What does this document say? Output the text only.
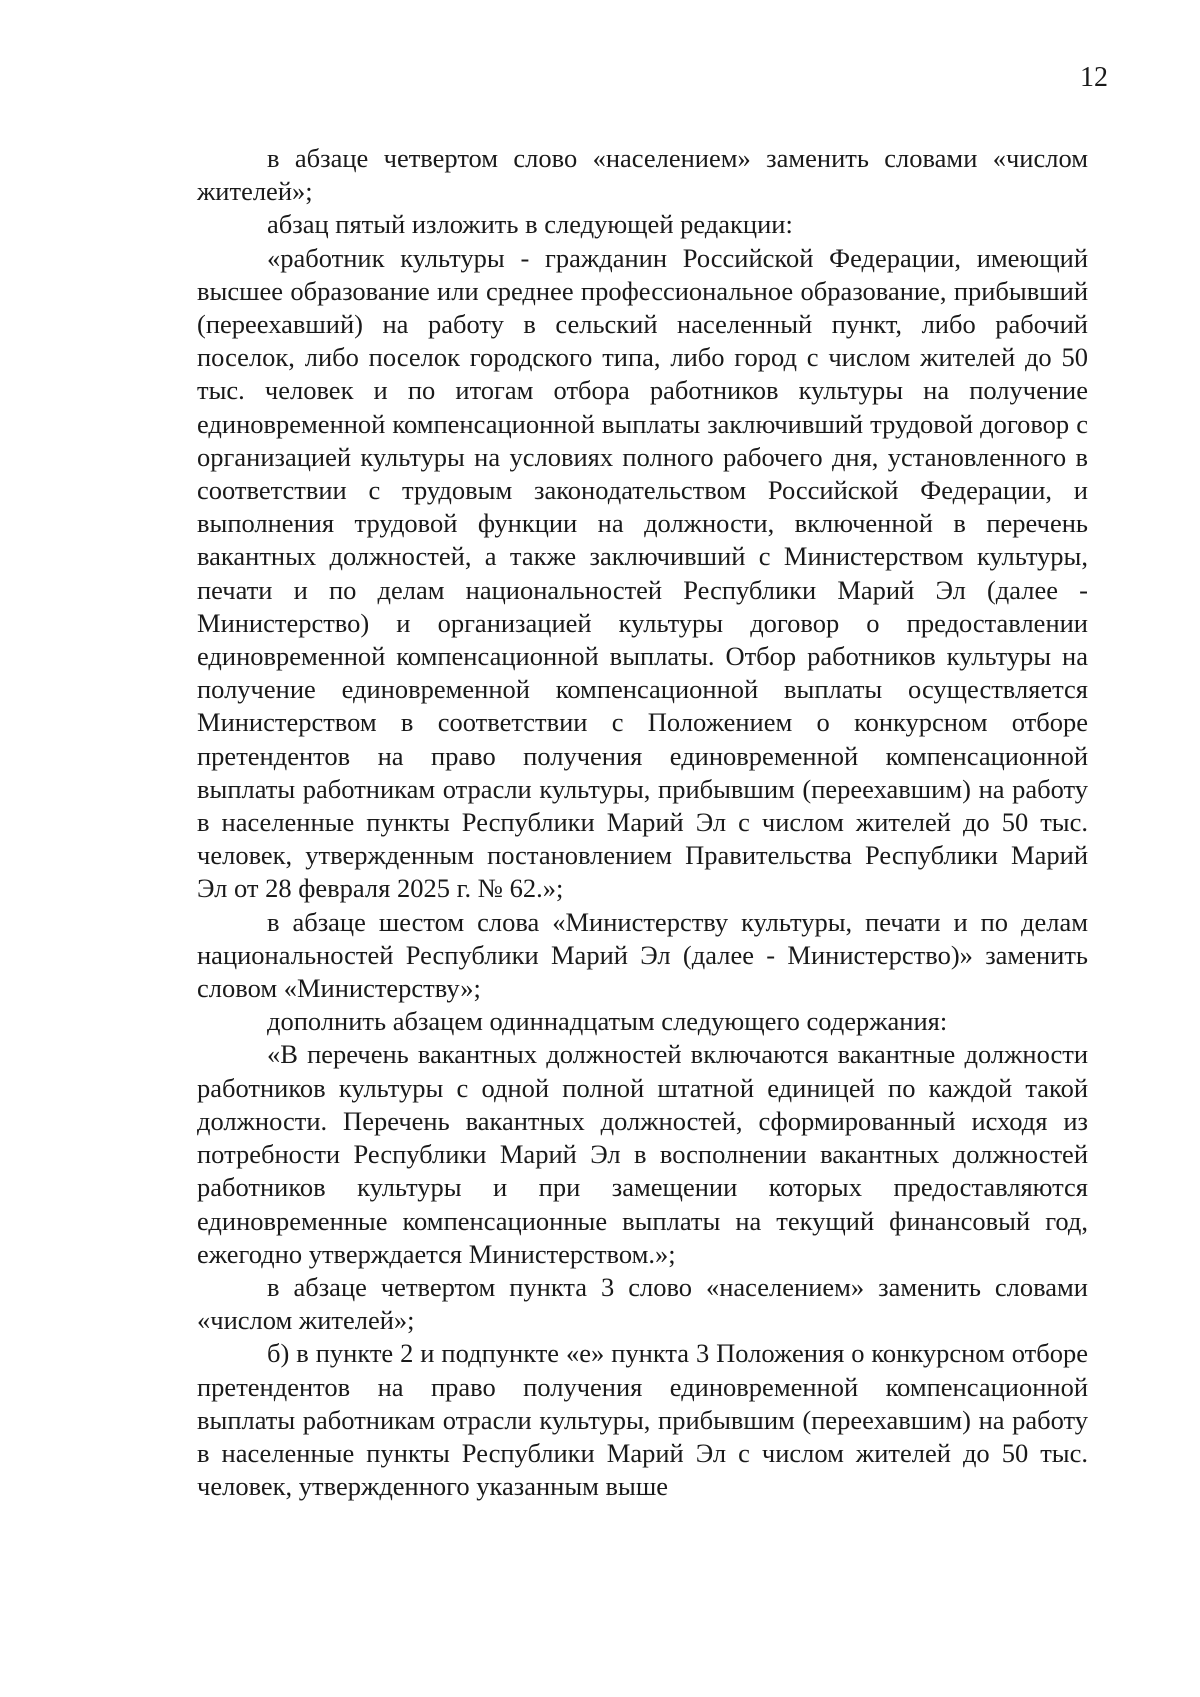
12

в абзаце четвертом слово «населением» заменить словами «числом жителей»;

абзац пятый изложить в следующей редакции:

«работник культуры - гражданин Российской Федерации, имеющий высшее образование или среднее профессиональное образование, прибывший (переехавший) на работу в сельский населенный пункт, либо рабочий поселок, либо поселок городского типа, либо город с числом жителей до 50 тыс. человек и по итогам отбора работников культуры на получение единовременной компенсационной выплаты заключивший трудовой договор с организацией культуры на условиях полного рабочего дня, установленного в соответствии с трудовым законодательством Российской Федерации, и выполнения трудовой функции на должности, включенной в перечень вакантных должностей, а также заключивший с Министерством культуры, печати и по делам национальностей Республики Марий Эл (далее - Министерство) и организацией культуры договор о предоставлении единовременной компенсационной выплаты. Отбор работников культуры на получение единовременной компенсационной выплаты осуществляется Министерством в соответствии с Положением о конкурсном отборе претендентов на право получения единовременной компенсационной выплаты работникам отрасли культуры, прибывшим (переехавшим) на работу в населенные пункты Республики Марий Эл с числом жителей до 50 тыс. человек, утвержденным постановлением Правительства Республики Марий Эл от 28 февраля 2025 г. № 62.»;

в абзаце шестом слова «Министерству культуры, печати и по делам национальностей Республики Марий Эл (далее - Министерство)» заменить словом «Министерству»;

дополнить абзацем одиннадцатым следующего содержания:

«В перечень вакантных должностей включаются вакантные должности работников культуры с одной полной штатной единицей по каждой такой должности. Перечень вакантных должностей, сформированный исходя из потребности Республики Марий Эл в восполнении вакантных должностей работников культуры и при замещении которых предоставляются единовременные компенсационные выплаты на текущий финансовый год, ежегодно утверждается Министерством.»;

в абзаце четвертом пункта 3 слово «населением» заменить словами «числом жителей»;

б) в пункте 2 и подпункте «е» пункта 3 Положения о конкурсном отборе претендентов на право получения единовременной компенсационной выплаты работникам отрасли культуры, прибывшим (переехавшим) на работу в населенные пункты Республики Марий Эл с числом жителей до 50 тыс. человек, утвержденного указанным выше
